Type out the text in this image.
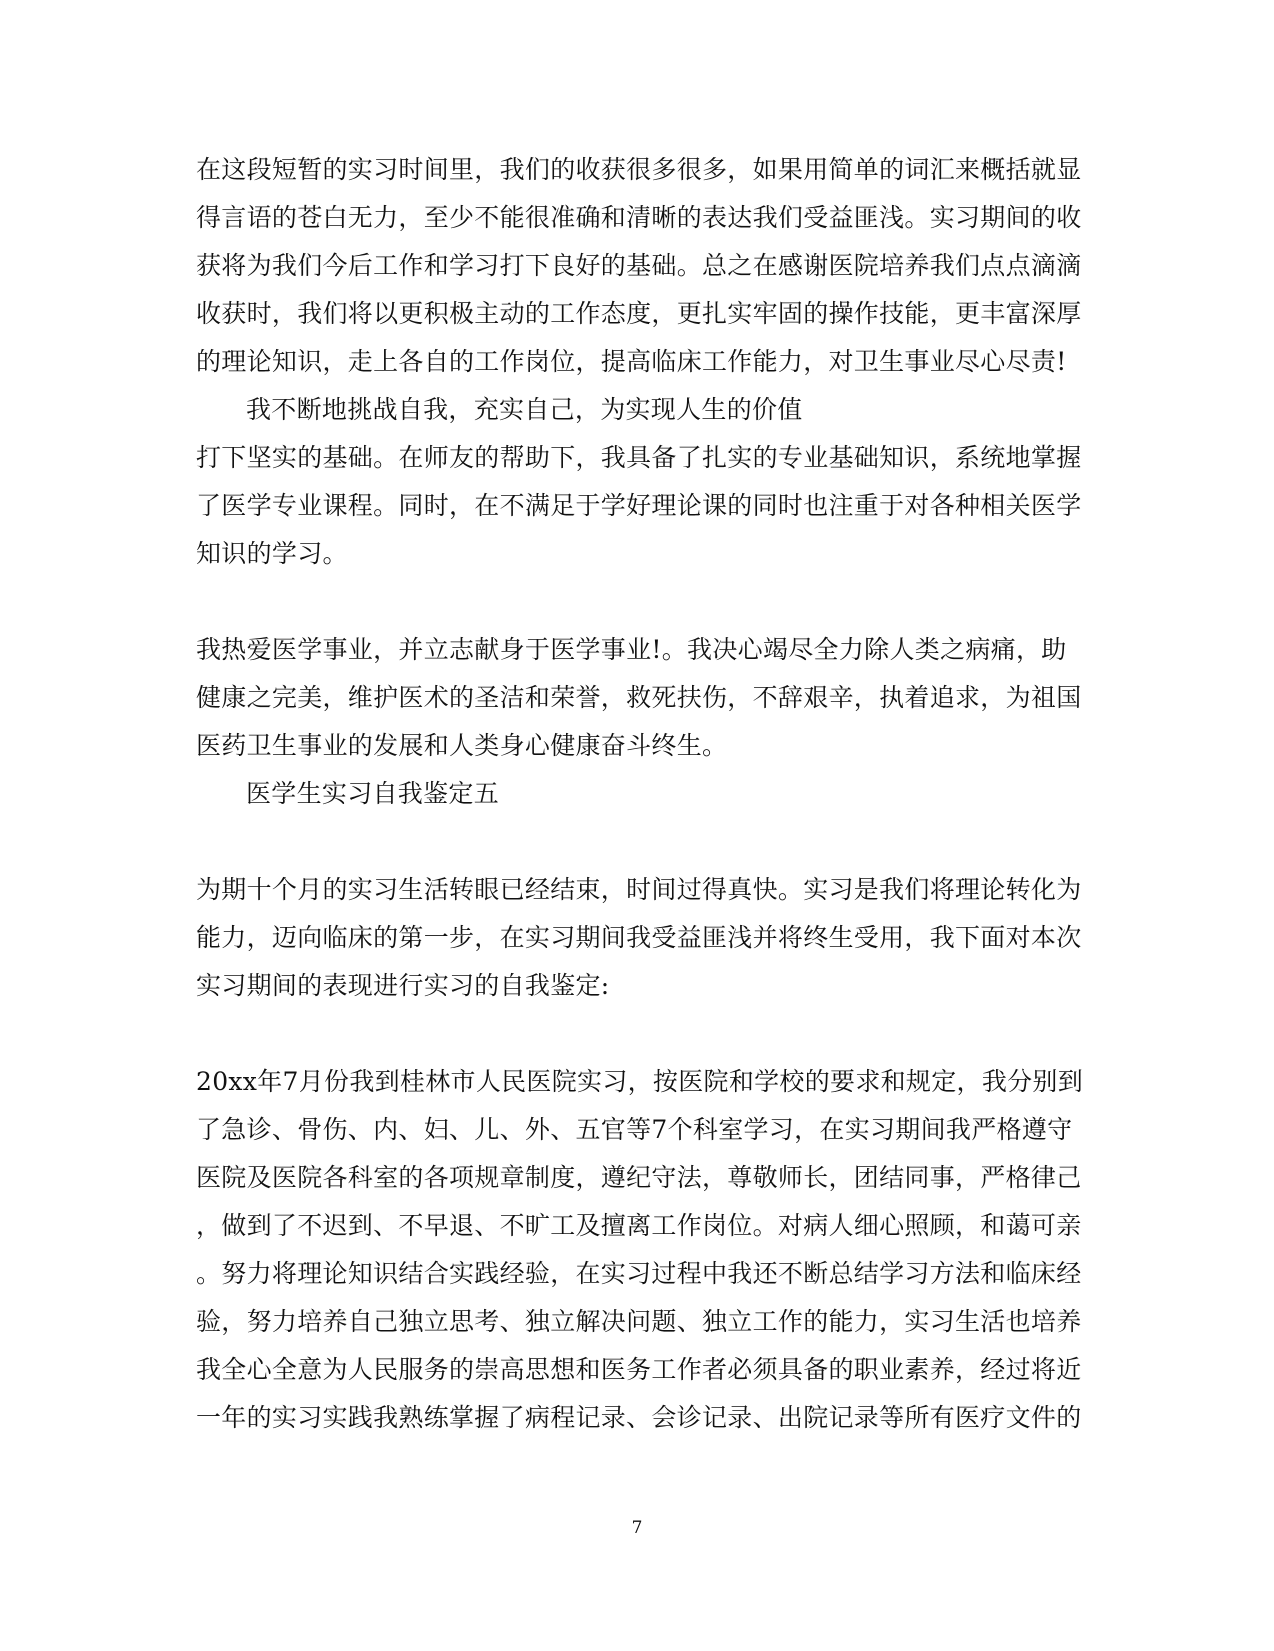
在这段短暂的实习时间里，我们的收获很多很多，如果用简单的词汇来概括就显
得言语的苍白无力，至少不能很准确和清晰的表达我们受益匪浅。实习期间的收
获将为我们今后工作和学习打下良好的基础。总之在感谢医院培养我们点点滴滴
收获时，我们将以更积极主动的工作态度，更扎实牢固的操作技能，更丰富深厚
的理论知识，走上各自的工作岗位，提高临床工作能力，对卫生事业尽心尽责!
我不断地挑战自我，充实自己，为实现人生的价值
打下坚实的基础。在师友的帮助下，我具备了扎实的专业基础知识，系统地掌握
了医学专业课程。同时，在不满足于学好理论课的同时也注重于对各种相关医学
知识的学习。
我热爱医学事业，并立志献身于医学事业!。我决心竭尽全力除人类之病痛，助
健康之完美，维护医术的圣洁和荣誉，救死扶伤，不辞艰辛，执着追求，为祖国
医药卫生事业的发展和人类身心健康奋斗终生。
医学生实习自我鉴定五
为期十个月的实习生活转眼已经结束，时间过得真快。实习是我们将理论转化为
能力，迈向临床的第一步，在实习期间我受益匪浅并将终生受用，我下面对本次
实习期间的表现进行实习的自我鉴定:
20xx年7月份我到桂林市人民医院实习，按医院和学校的要求和规定，我分别到
了急诊、骨伤、内、妇、儿、外、五官等7个科室学习，在实习期间我严格遵守
医院及医院各科室的各项规章制度，遵纪守法，尊敬师长，团结同事，严格律己
，做到了不迟到、不早退、不旷工及擅离工作岗位。对病人细心照顾，和蔼可亲
。努力将理论知识结合实践经验，在实习过程中我还不断总结学习方法和临床经
验，努力培养自己独立思考、独立解决问题、独立工作的能力，实习生活也培养
我全心全意为人民服务的崇高思想和医务工作者必须具备的职业素养，经过将近
一年的实习实践我熟练掌握了病程记录、会诊记录、出院记录等所有医疗文件的
7
